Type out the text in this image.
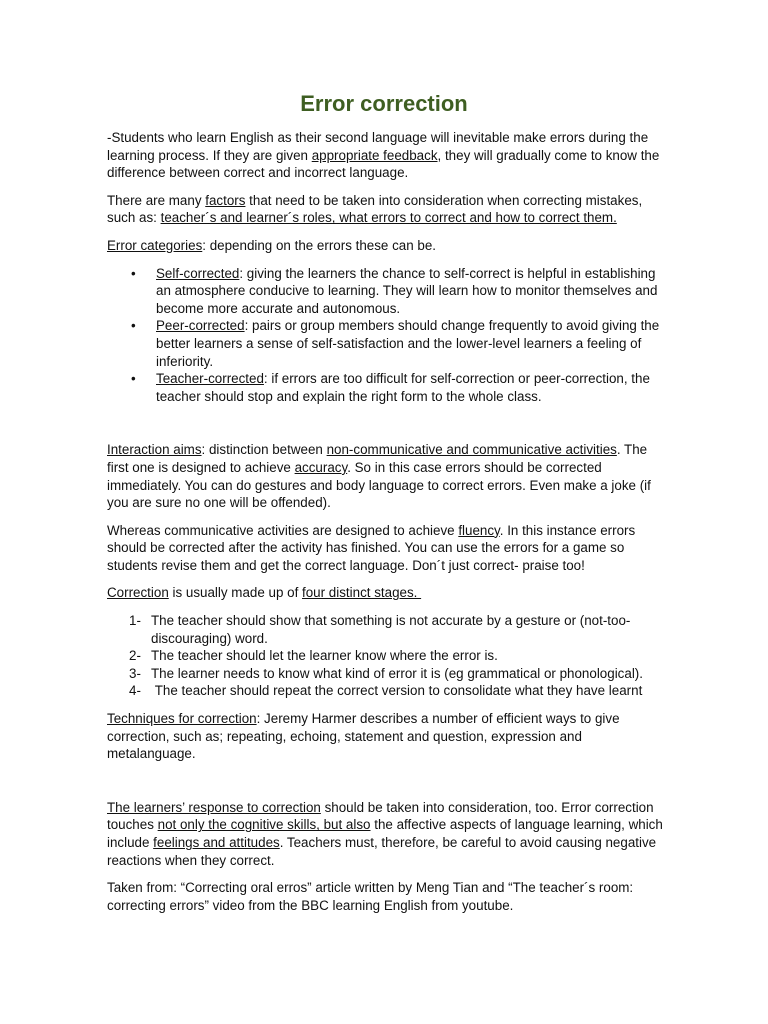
Error correction

-Students who learn English as their second language will inevitable make errors during the learning process. If they are given appropriate feedback, they will gradually come to know the difference between correct and incorrect language.

There are many factors that need to be taken into consideration when correcting mistakes, such as: teacher´s and learner´s roles, what errors to correct and how to correct them.

Error categories: depending on the errors these can be.

• Self-corrected: giving the learners the chance to self-correct is helpful in establishing an atmosphere conducive to learning. They will learn how to monitor themselves and become more accurate and autonomous.
• Peer-corrected: pairs or group members should change frequently to avoid giving the better learners a sense of self-satisfaction and the lower-level learners a feeling of inferiority.
• Teacher-corrected: if errors are too difficult for self-correction or peer-correction, the teacher should stop and explain the right form to the whole class.

Interaction aims: distinction between non-communicative and communicative activities. The first one is designed to achieve accuracy. So in this case errors should be corrected immediately. You can do gestures and body language to correct errors. Even make a joke (if you are sure no one will be offended).

Whereas communicative activities are designed to achieve fluency. In this instance errors should be corrected after the activity has finished. You can use the errors for a game so students revise them and get the correct language. Don´t just correct- praise too!

Correction is usually made up of four distinct stages.

1- The teacher should show that something is not accurate by a gesture or (not-too-discouraging) word.
2- The teacher should let the learner know where the error is.
3- The learner needs to know what kind of error it is (eg grammatical or phonological).
4- The teacher should repeat the correct version to consolidate what they have learnt

Techniques for correction: Jeremy Harmer describes a number of efficient ways to give correction, such as; repeating, echoing, statement and question, expression and metalanguage.

The learners’ response to correction should be taken into consideration, too. Error correction touches not only the cognitive skills, but also the affective aspects of language learning, which include feelings and attitudes. Teachers must, therefore, be careful to avoid causing negative reactions when they correct.

Taken from: “Correcting oral erros” article written by Meng Tian and “The teacher´s room: correcting errors” video from the BBC learning English from youtube.
